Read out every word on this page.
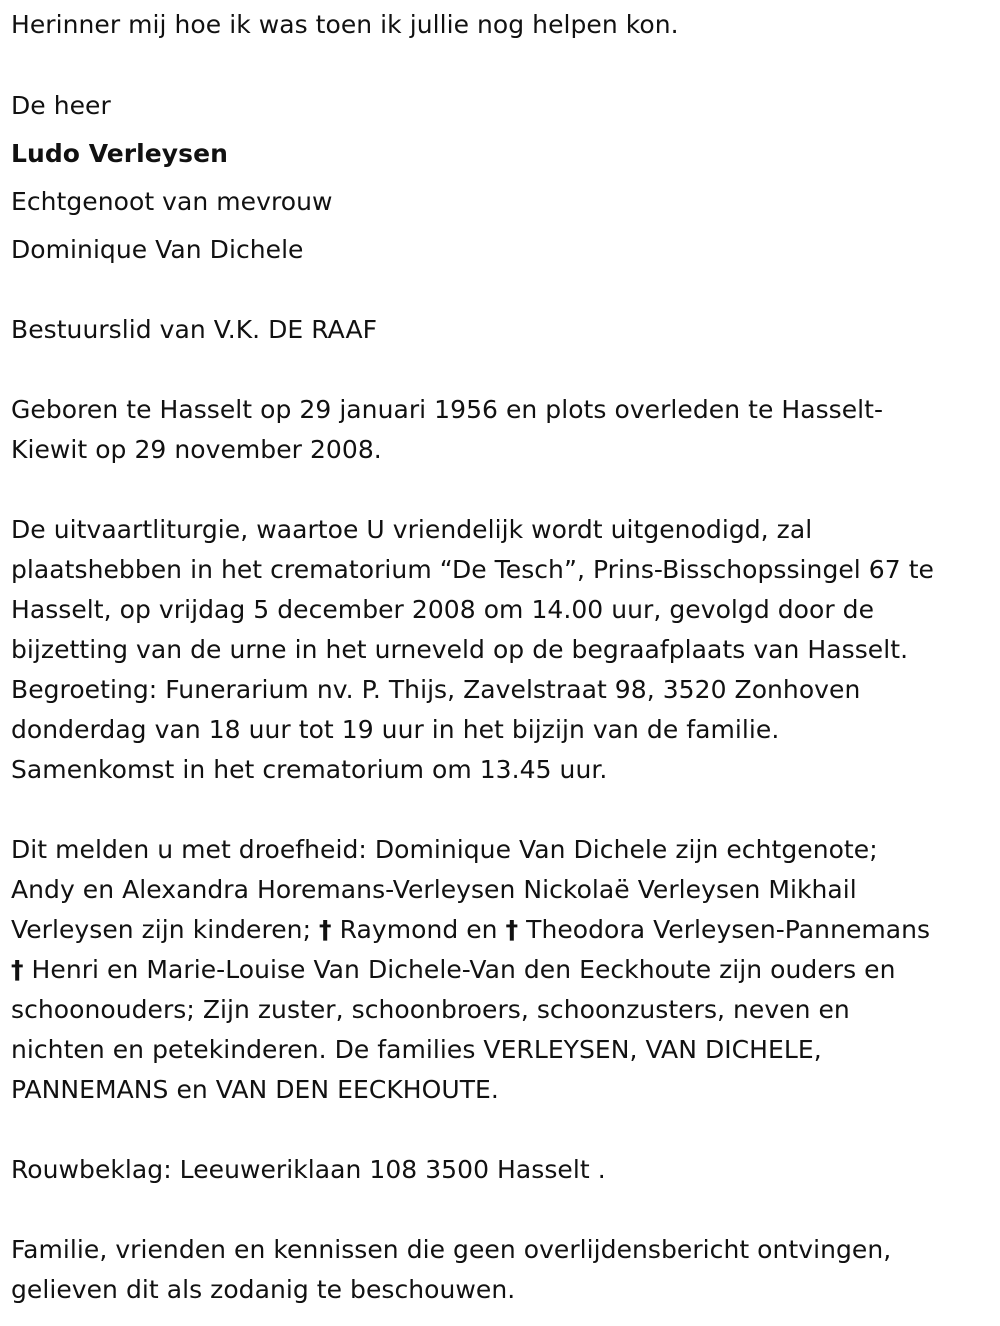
Herinner mij hoe ik was toen ik jullie nog helpen kon.

De heer

Ludo Verleysen

Echtgenoot van mevrouw

Dominique Van Dichele

Bestuurslid van V.K. DE RAAF

Geboren te Hasselt op 29 januari 1956 en plots overleden te Hasselt-

Kiewit op 29 november 2008.

De uitvaartliturgie, waartoe U vriendelijk wordt uitgenodigd, zal

plaatshebben in het crematorium “De Tesch”, Prins-Bisschopssingel 67 te

Hasselt, op vrijdag 5 december 2008 om 14.00 uur, gevolgd door de

bijzetting van de urne in het urneveld op de begraafplaats van Hasselt.

Begroeting: Funerarium nv. P. Thijs, Zavelstraat 98, 3520 Zonhoven

donderdag van 18 uur tot 19 uur in het bijzijn van de familie.

Samenkomst in het crematorium om 13.45 uur.

Dit melden u met droefheid: Dominique Van Dichele zijn echtgenote;

Andy en Alexandra Horemans-Verleysen Nickolaë Verleysen Mikhail

Verleysen zijn kinderen; † Raymond en † Theodora Verleysen-Pannemans

† Henri en Marie-Louise Van Dichele-Van den Eeckhoute zijn ouders en

schoonouders; Zijn zuster, schoonbroers, schoonzusters, neven en

nichten en petekinderen. De families VERLEYSEN, VAN DICHELE,

PANNEMANS en VAN DEN EECKHOUTE.

Rouwbeklag: Leeuweriklaan 108 3500 Hasselt .

Familie, vrienden en kennissen die geen overlijdensbericht ontvingen,

gelieven dit als zodanig te beschouwen.
